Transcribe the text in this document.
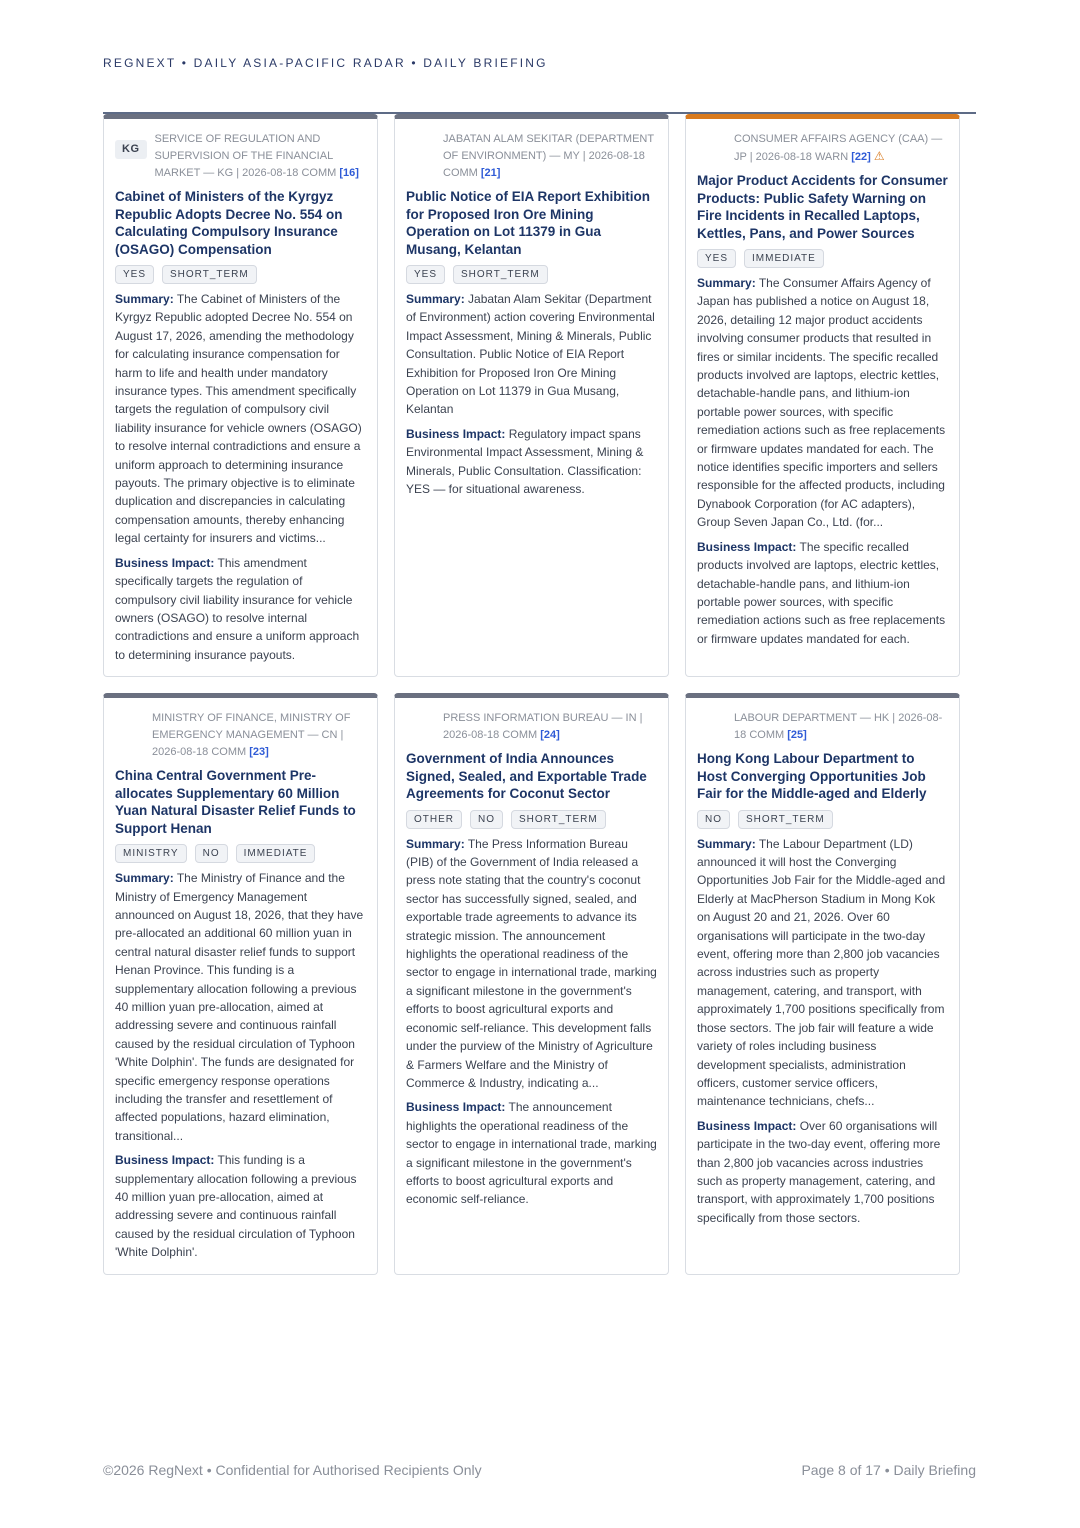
REGNEXT • DAILY ASIA-PACIFIC RADAR • DAILY BRIEFING
KG
SERVICE OF REGULATION AND SUPERVISION OF THE FINANCIAL MARKET — KG | 2026-08-18 COMM [16]
Cabinet of Ministers of the Kyrgyz Republic Adopts Decree No. 554 on Calculating Compulsory Insurance (OSAGO) Compensation
YES	SHORT_TERM
Summary: The Cabinet of Ministers of the Kyrgyz Republic adopted Decree No. 554 on August 17, 2026, amending the methodology for calculating insurance compensation for harm to life and health under mandatory insurance types. This amendment specifically targets the regulation of compulsory civil liability insurance for vehicle owners (OSAGO) to resolve internal contradictions and ensure a uniform approach to determining insurance payouts. The primary objective is to eliminate duplication and discrepancies in calculating compensation amounts, thereby enhancing legal certainty for insurers and victims...
Business Impact: This amendment specifically targets the regulation of compulsory civil liability insurance for vehicle owners (OSAGO) to resolve internal contradictions and ensure a uniform approach to determining insurance payouts.
JABATAN ALAM SEKITAR (DEPARTMENT OF ENVIRONMENT) — MY | 2026-08-18 COMM [21]
Public Notice of EIA Report Exhibition for Proposed Iron Ore Mining Operation on Lot 11379 in Gua Musang, Kelantan
YES	SHORT_TERM
Summary: Jabatan Alam Sekitar (Department of Environment) action covering Environmental Impact Assessment, Mining & Minerals, Public Consultation. Public Notice of EIA Report Exhibition for Proposed Iron Ore Mining Operation on Lot 11379 in Gua Musang, Kelantan
Business Impact: Regulatory impact spans Environmental Impact Assessment, Mining & Minerals, Public Consultation. Classification: YES — for situational awareness.
CONSUMER AFFAIRS AGENCY (CAA) — JP | 2026-08-18 WARN [22] ⚠
Major Product Accidents for Consumer Products: Public Safety Warning on Fire Incidents in Recalled Laptops, Kettles, Pans, and Power Sources
YES	IMMEDIATE
Summary: The Consumer Affairs Agency of Japan has published a notice on August 18, 2026, detailing 12 major product accidents involving consumer products that resulted in fires or similar incidents. The specific recalled products involved are laptops, electric kettles, detachable-handle pans, and lithium-ion portable power sources, with specific remediation actions such as free replacements or firmware updates mandated for each. The notice identifies specific importers and sellers responsible for the affected products, including Dynabook Corporation (for AC adapters), Group Seven Japan Co., Ltd. (for...
Business Impact: The specific recalled products involved are laptops, electric kettles, detachable-handle pans, and lithium-ion portable power sources, with specific remediation actions such as free replacements or firmware updates mandated for each.
MINISTRY OF FINANCE, MINISTRY OF EMERGENCY MANAGEMENT — CN | 2026-08-18 COMM [23]
China Central Government Pre-allocates Supplementary 60 Million Yuan Natural Disaster Relief Funds to Support Henan
MINISTRY	NO	IMMEDIATE
Summary: The Ministry of Finance and the Ministry of Emergency Management announced on August 18, 2026, that they have pre-allocated an additional 60 million yuan in central natural disaster relief funds to support Henan Province. This funding is a supplementary allocation following a previous 40 million yuan pre-allocation, aimed at addressing severe and continuous rainfall caused by the residual circulation of Typhoon 'White Dolphin'. The funds are designated for specific emergency response operations including the transfer and resettlement of affected populations, hazard elimination, transitional...
Business Impact: This funding is a supplementary allocation following a previous 40 million yuan pre-allocation, aimed at addressing severe and continuous rainfall caused by the residual circulation of Typhoon 'White Dolphin'.
PRESS INFORMATION BUREAU — IN | 2026-08-18 COMM [24]
Government of India Announces Signed, Sealed, and Exportable Trade Agreements for Coconut Sector
OTHER	NO	SHORT_TERM
Summary: The Press Information Bureau (PIB) of the Government of India released a press note stating that the country's coconut sector has successfully signed, sealed, and exportable trade agreements to advance its strategic mission. The announcement highlights the operational readiness of the sector to engage in international trade, marking a significant milestone in the government's efforts to boost agricultural exports and economic self-reliance. This development falls under the purview of the Ministry of Agriculture & Farmers Welfare and the Ministry of Commerce & Industry, indicating a...
Business Impact: The announcement highlights the operational readiness of the sector to engage in international trade, marking a significant milestone in the government's efforts to boost agricultural exports and economic self-reliance.
LABOUR DEPARTMENT — HK | 2026-08-18 COMM [25]
Hong Kong Labour Department to Host Converging Opportunities Job Fair for the Middle-aged and Elderly
NO	SHORT_TERM
Summary: The Labour Department (LD) announced it will host the Converging Opportunities Job Fair for the Middle-aged and Elderly at MacPherson Stadium in Mong Kok on August 20 and 21, 2026. Over 60 organisations will participate in the two-day event, offering more than 2,800 job vacancies across industries such as property management, catering, and transport, with approximately 1,700 positions specifically from those sectors. The job fair will feature a wide variety of roles including business development specialists, administration officers, customer service officers, maintenance technicians, chefs...
Business Impact: Over 60 organisations will participate in the two-day event, offering more than 2,800 job vacancies across industries such as property management, catering, and transport, with approximately 1,700 positions specifically from those sectors.
©2026 RegNext • Confidential for Authorised Recipients Only	Page 8 of 17 • Daily Briefing
